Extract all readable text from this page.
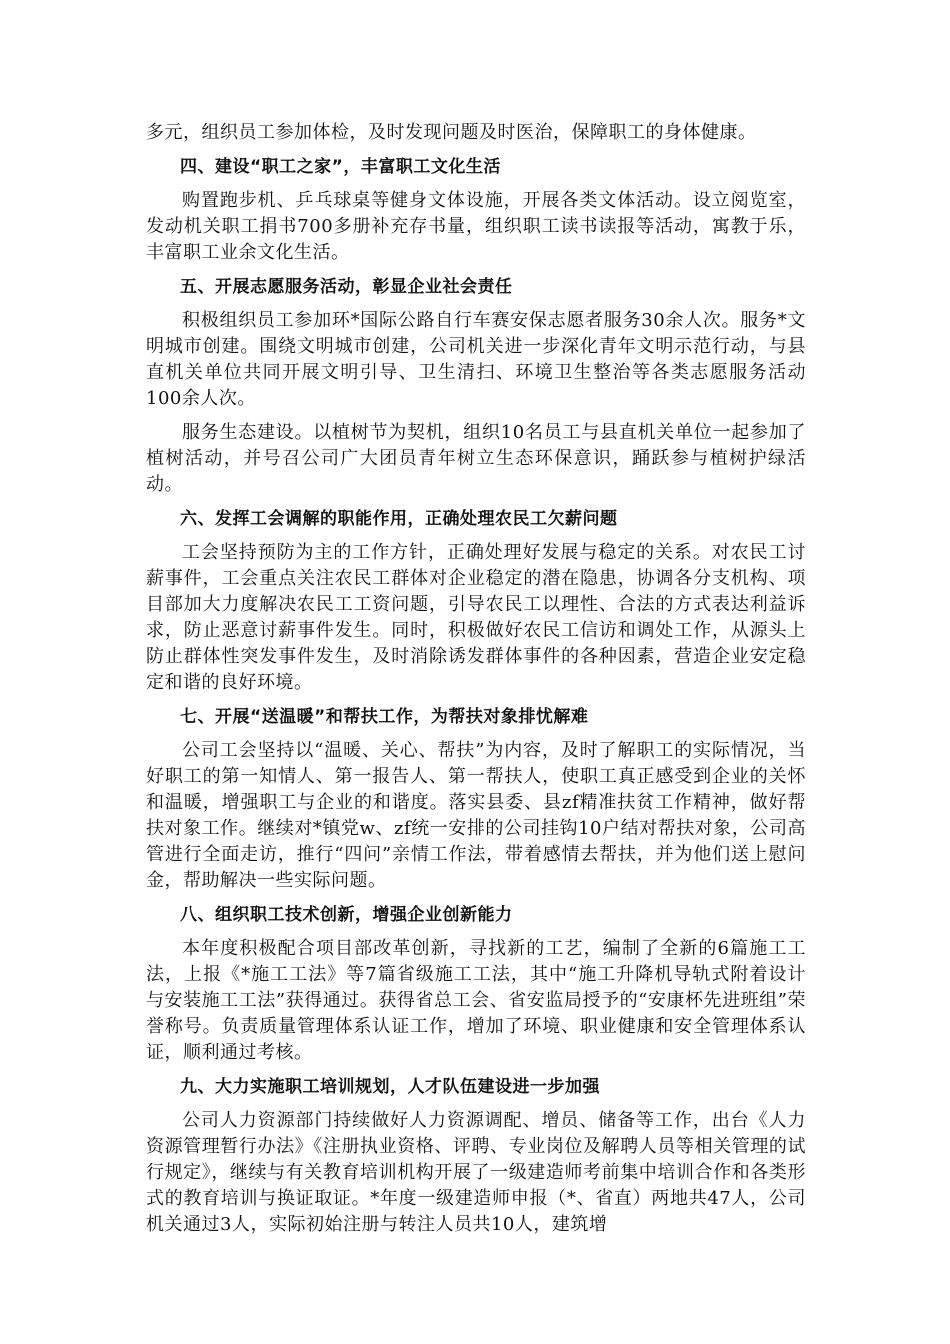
多元，组织员工参加体检，及时发现问题及时医治，保障职工的身体健康。

四、建设“职工之家”，丰富职工文化生活

购置跑步机、乒乓球桌等健身文体设施，开展各类文体活动。设立阅览室，发动机关职工捐书700多册补充存书量，组织职工读书读报等活动，寓教于乐，丰富职工业余文化生活。

五、开展志愿服务活动，彰显企业社会责任

积极组织员工参加环*国际公路自行车赛安保志愿者服务30余人次。服务*文明城市创建。围绕文明城市创建，公司机关进一步深化青年文明示范行动，与县直机关单位共同开展文明引导、卫生清扫、环境卫生整治等各类志愿服务活动100余人次。

服务生态建设。以植树节为契机，组织10名员工与县直机关单位一起参加了植树活动，并号召公司广大团员青年树立生态环保意识，踊跃参与植树护绿活动。

六、发挥工会调解的职能作用，正确处理农民工欠薪问题

工会坚持预防为主的工作方针，正确处理好发展与稳定的关系。对农民工讨薪事件，工会重点关注农民工群体对企业稳定的潜在隐患，协调各分支机构、项目部加大力度解决农民工工资问题，引导农民工以理性、合法的方式表达利益诉求，防止恶意讨薪事件发生。同时，积极做好农民工信访和调处工作，从源头上防止群体性突发事件发生，及时消除诱发群体事件的各种因素，营造企业安定稳定和谐的良好环境。

七、开展“送温暖”和帮扶工作，为帮扶对象排忧解难

公司工会坚持以“温暖、关心、帮扶”为内容，及时了解职工的实际情况，当好职工的第一知情人、第一报告人、第一帮扶人，使职工真正感受到企业的关怀和温暖，增强职工与企业的和谐度。落实县委、县zf精准扶贫工作精神，做好帮扶对象工作。继续对*镇党w、zf统一安排的公司挂钩10户结对帮扶对象，公司高管进行全面走访，推行“四问”亲情工作法，带着感情去帮扶，并为他们送上慰问金，帮助解决一些实际问题。

八、组织职工技术创新，增强企业创新能力

本年度积极配合项目部改革创新，寻找新的工艺，编制了全新的6篇施工工法，上报《*施工工法》等7篇省级施工工法，其中“施工升降机导轨式附着设计与安装施工工法”获得通过。获得省总工会、省安监局授予的“安康杯先进班组”荣誉称号。负责质量管理体系认证工作，增加了环境、职业健康和安全管理体系认证，顺利通过考核。

九、大力实施职工培训规划，人才队伍建设进一步加强

公司人力资源部门持续做好人力资源调配、增员、储备等工作，出台《人力资源管理暂行办法》《注册执业资格、评聘、专业岗位及解聘人员等相关管理的试行规定》，继续与有关教育培训机构开展了一级建造师考前集中培训合作和各类形式的教育培训与换证取证。*年度一级建造师申报（*、省直）两地共47人，公司机关通过3人，实际初始注册与转注人员共10人，建筑增
